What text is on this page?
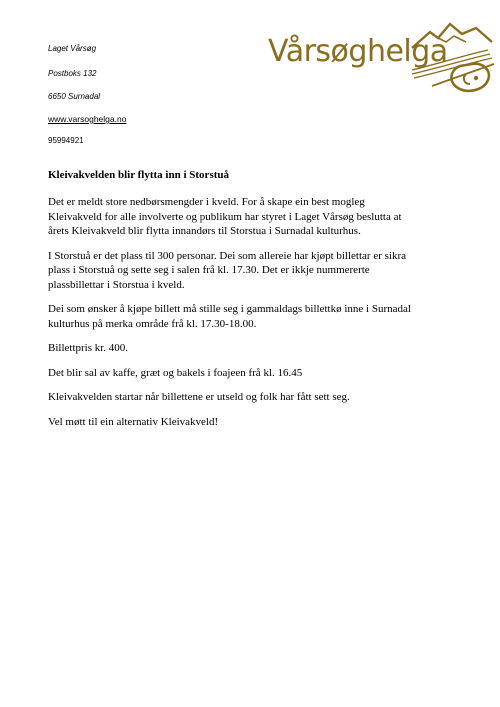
Laget Vårsøg
Postboks 132
6650 Surnadal
www.varsoghelga.no
95994921
Vårsøghelga
Kleivakvelden blir flytta inn i Storstuå

Det er meldt store nedbørsmengder i kveld. For å skape ein best mogleg Kleivakveld for alle involverte og publikum har styret i Laget Vårsøg beslutta at årets Kleivakveld blir flytta innandørs til Storstua i Surnadal kulturhus.

I Storstuå er det plass til 300 personar. Dei som allereie har kjøpt billettar er sikra plass i Storstuå og sette seg i salen frå kl. 17.30. Det er ikkje nummererte plassbillettar i Storstua i kveld.

Dei som ønsker å kjøpe billett må stille seg i gammaldags billettkø inne i Surnadal kulturhus på merka område frå kl. 17.30-18.00.

Billettpris kr. 400.

Det blir sal av kaffe, græt og bakels i foajeen frå kl. 16.45

Kleivakvelden startar når billettene er utseld og folk har fått sett seg.

Vel møtt til ein alternativ Kleivakveld!
